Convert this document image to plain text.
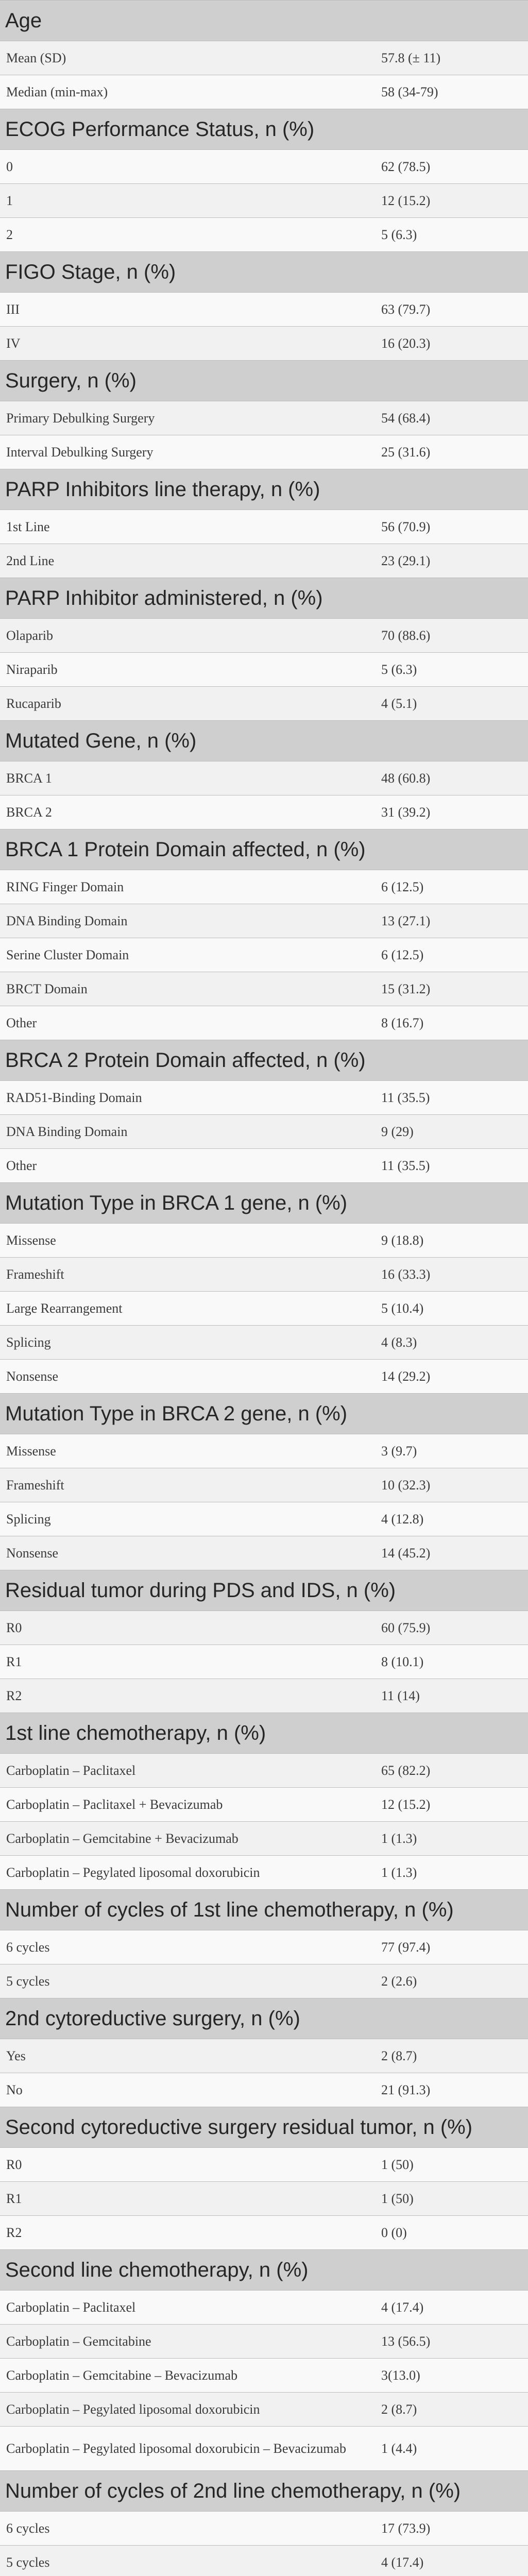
Age	
Mean (SD)	57.8 (± 11)
Median (min-max)	58 (34-79)
ECOG Performance Status, n (%)	
0	62 (78.5)
1	12 (15.2)
2	5 (6.3)
FIGO Stage, n (%)	
III	63 (79.7)
IV	16 (20.3)
Surgery, n (%)	
Primary Debulking Surgery	54 (68.4)
Interval Debulking Surgery	25 (31.6)
PARP Inhibitors line therapy, n (%)	
1st Line	56 (70.9)
2nd Line	23 (29.1)
PARP Inhibitor administered, n (%)	
Olaparib	70 (88.6)
Niraparib	5 (6.3)
Rucaparib	4 (5.1)
Mutated Gene, n (%)	
BRCA 1	48 (60.8)
BRCA 2	31 (39.2)
BRCA 1 Protein Domain affected, n (%)	
RING Finger Domain	6 (12.5)
DNA Binding Domain	13 (27.1)
Serine Cluster Domain	6 (12.5)
BRCT Domain	15 (31.2)
Other	8 (16.7)
BRCA 2 Protein Domain affected, n (%)	
RAD51-Binding Domain	11 (35.5)
DNA Binding Domain	9 (29)
Other	11 (35.5)
Mutation Type in BRCA 1 gene, n (%)	
Missense	9 (18.8)
Frameshift	16 (33.3)
Large Rearrangement	5 (10.4)
Splicing	4 (8.3)
Nonsense	14 (29.2)
Mutation Type in BRCA 2 gene, n (%)	
Missense	3 (9.7)
Frameshift	10 (32.3)
Splicing	4 (12.8)
Nonsense	14 (45.2)
Residual tumor during PDS and IDS, n (%)	
R0	60 (75.9)
R1	8 (10.1)
R2	11 (14)
1st line chemotherapy, n (%)	
Carboplatin – Paclitaxel	65 (82.2)
Carboplatin – Paclitaxel + Bevacizumab	12 (15.2)
Carboplatin – Gemcitabine + Bevacizumab	1 (1.3)
Carboplatin – Pegylated liposomal doxorubicin	1 (1.3)
Number of cycles of 1st line chemotherapy, n (%)	
6 cycles	77 (97.4)
5 cycles	2 (2.6)
2nd cytoreductive surgery, n (%)	
Yes	2 (8.7)
No	21 (91.3)
Second cytoreductive surgery residual tumor, n (%)	
R0	1 (50)
R1	1 (50)
R2	0 (0)
Second line chemotherapy, n (%)	
Carboplatin – Paclitaxel	4 (17.4)
Carboplatin – Gemcitabine	13 (56.5)
Carboplatin – Gemcitabine – Bevacizumab	3(13.0)
Carboplatin – Pegylated liposomal doxorubicin	2 (8.7)
Carboplatin – Pegylated liposomal doxorubicin – Bevacizumab	1 (4.4)
Number of cycles of 2nd line chemotherapy, n (%)	
6 cycles	17 (73.9)
5 cycles	4 (17.4)
